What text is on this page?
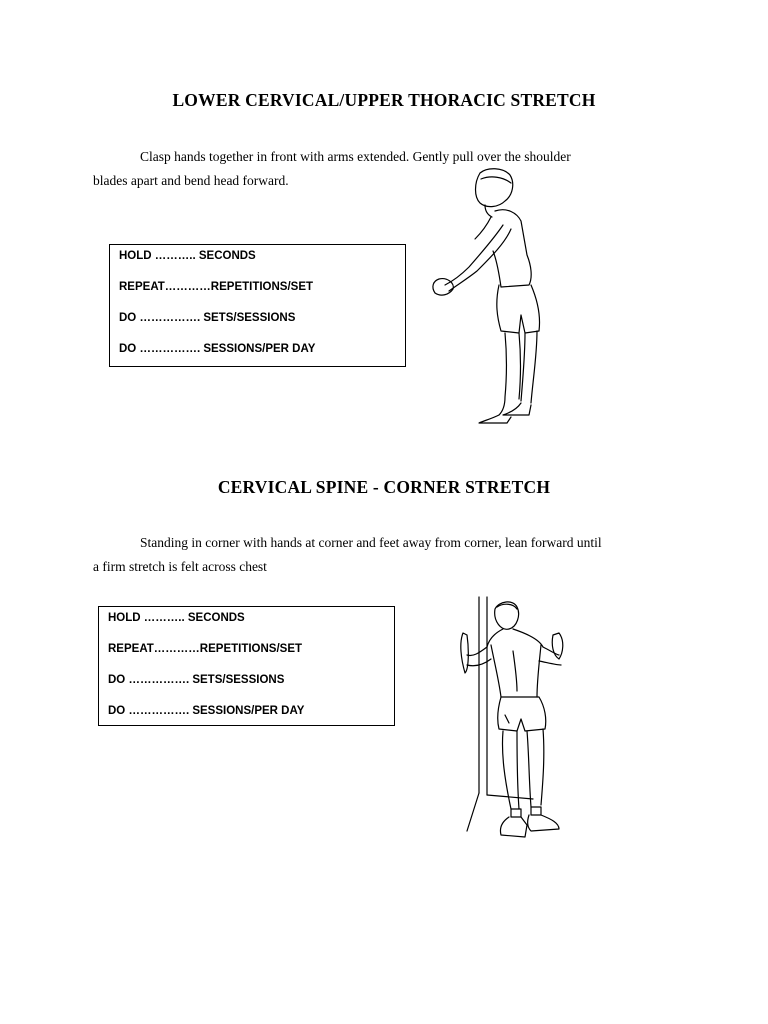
LOWER CERVICAL/UPPER THORACIC STRETCH

Clasp hands together in front with arms extended. Gently pull over the shoulder

blades apart and bend head forward.

HOLD ……….. SECONDS
REPEAT…………REPETITIONS/SET
DO ……………. SETS/SESSIONS
DO ……………. SESSIONS/PER DAY
CERVICAL SPINE - CORNER STRETCH

Standing in corner with hands at corner and feet away from corner, lean forward until

a firm stretch is felt across chest

HOLD ……….. SECONDS
REPEAT…………REPETITIONS/SET
DO ……………. SETS/SESSIONS
DO ……………. SESSIONS/PER DAY
